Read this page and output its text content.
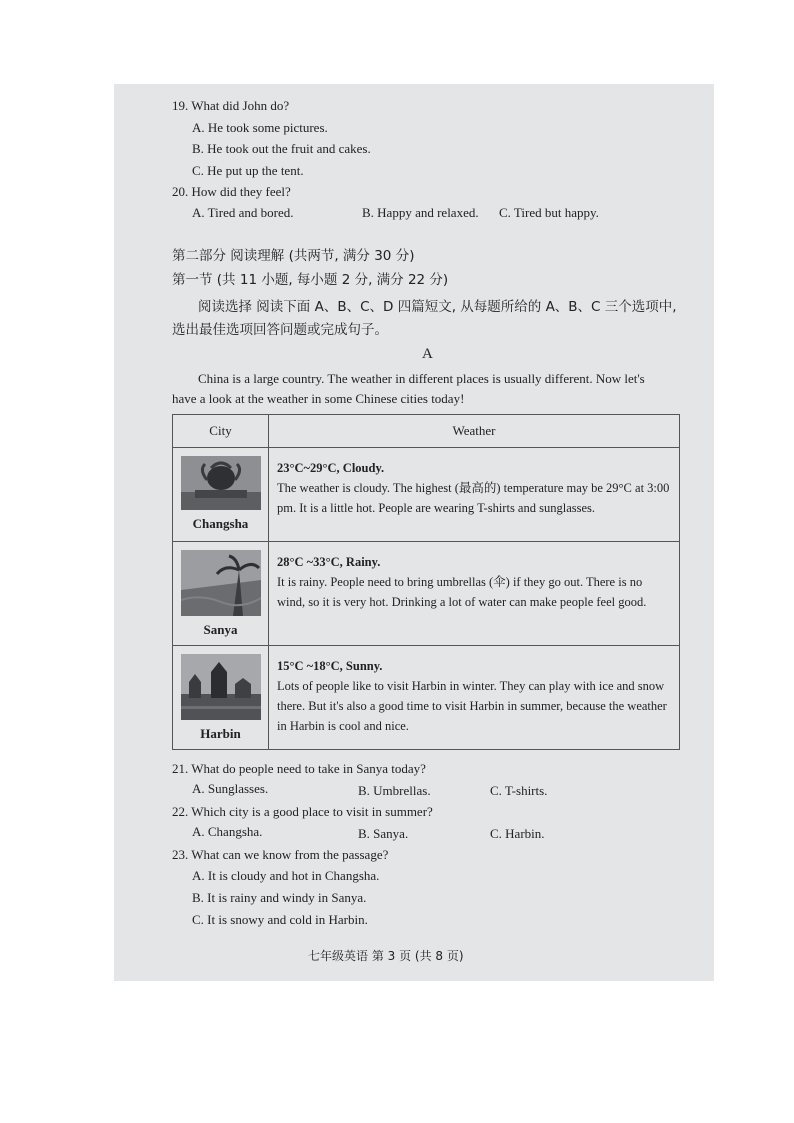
19. What did John do?
A. He took some pictures.
B. He took out the fruit and cakes.
C. He put up the tent.
20. How did they feel?
A. Tired and bored.	B. Happy and relaxed. C. Tired but happy.
第二部分 阅读理解 (共两节, 满分 30 分)
第一节 (共 11 小题, 每小题 2 分, 满分 22 分)
阅读选择 阅读下面 A、B、C、D 四篇短文, 从每题所给的 A、B、C 三个选项中,
选出最佳选项回答问题或完成句子。
A
China is a large country. The weather in different places is usually different. Now let's
have a look at the weather in some Chinese cities today!
City	Weather

Changsha	23°C~29°C, Cloudy.
The weather is cloudy. The highest (最高的) temperature may be 29°C at 3:00 pm. It is a little hot. People are wearing T-shirts and sunglasses.

Sanya	28°C ~33°C, Rainy.
It is rainy. People need to bring umbrellas (伞) if they go out. There is no wind, so it is very hot. Drinking a lot of water can make people feel good.

Harbin	15°C ~18°C, Sunny.
Lots of people like to visit Harbin in winter. They can play with ice and snow there. But it's also a good time to visit Harbin in summer, because the weather in Harbin is cool and nice.
21. What do people need to take in Sanya today?
A. Sunglasses.	B. Umbrellas.	C. T-shirts.
22. Which city is a good place to visit in summer?
A. Changsha.	B. Sanya.	C. Harbin.
23. What can we know from the passage?
A. It is cloudy and hot in Changsha.
B. It is rainy and windy in Sanya.
C. It is snowy and cold in Harbin.
七年级英语 第 3 页 (共 8 页)
